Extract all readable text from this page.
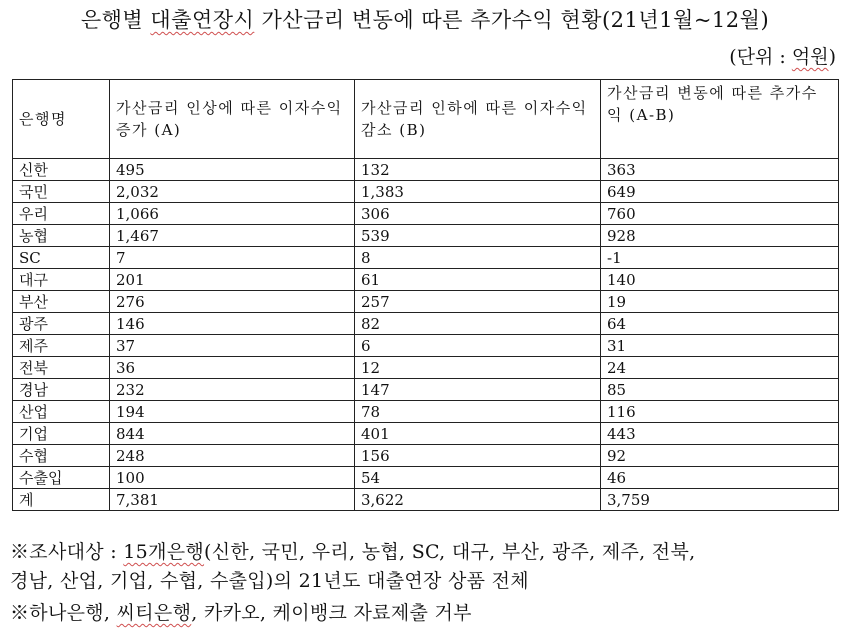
은행별 대출연장시 가산금리 변동에 따른 추가수익 현황(21년1월~12월)
(단위 : 억원)
은행명	가산금리 인상에 따른 이자수익 증가 (A)	가산금리 인하에 따른 이자수익 감소 (B)	가산금리 변동에 따른 추가수익 (A-B)
신한	495	132	363
국민	2,032	1,383	649
우리	1,066	306	760
농협	1,467	539	928
SC	7	8	-1
대구	201	61	140
부산	276	257	19
광주	146	82	64
제주	37	6	31
전북	36	12	24
경남	232	147	85
산업	194	78	116
기업	844	401	443
수협	248	156	92
수출입	100	54	46
계	7,381	3,622	3,759
※조사대상 : 15개은행(신한, 국민, 우리, 농협, SC, 대구, 부산, 광주, 제주, 전북,
경남, 산업, 기업, 수협, 수출입)의 21년도 대출연장 상품 전체
※하나은행, 씨티은행, 카카오, 케이뱅크 자료제출 거부
